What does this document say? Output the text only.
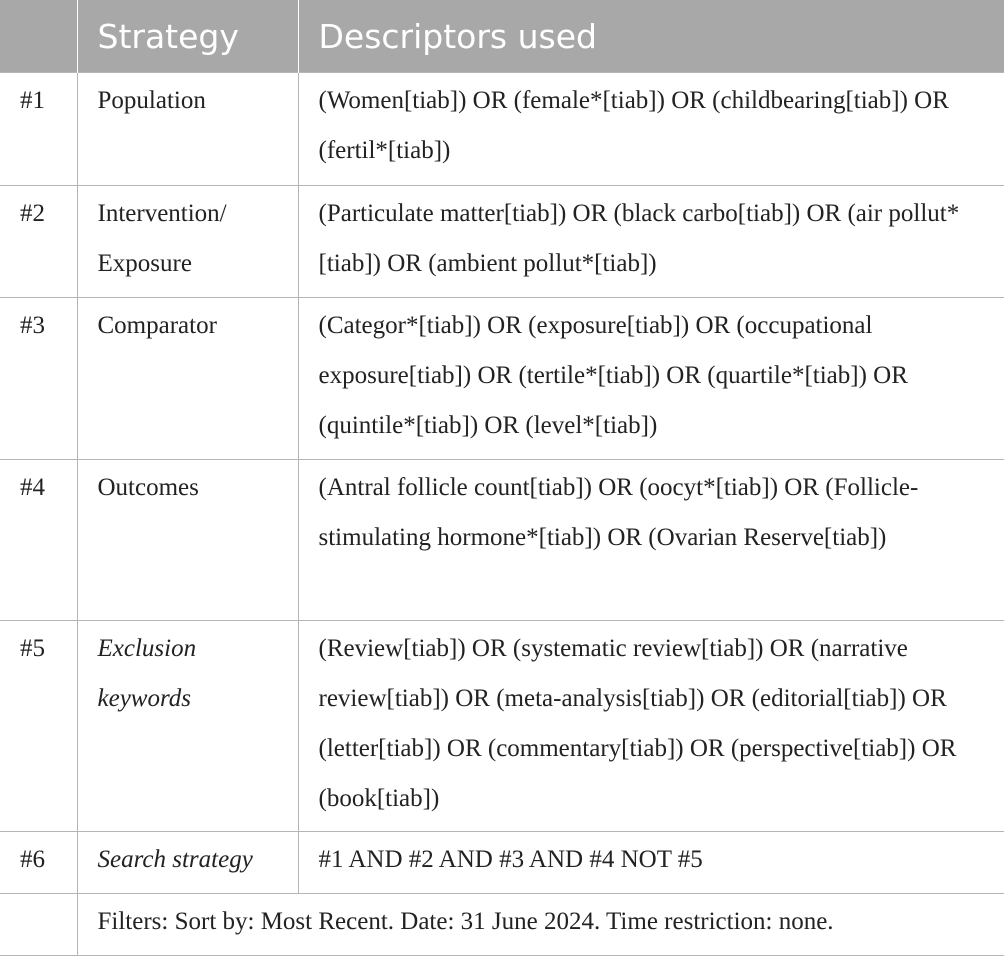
	Strategy	Descriptors used
#1	Population	(Women[tiab]) OR (female*[tiab]) OR (childbearing[tiab]) OR (fertil*[tiab])
#2	Intervention/ Exposure	(Particulate matter[tiab]) OR (black carbo[tiab]) OR (air pollut*[tiab]) OR (ambient pollut*[tiab])
#3	Comparator	(Categor*[tiab]) OR (exposure[tiab]) OR (occupational exposure[tiab]) OR (tertile*[tiab]) OR (quartile*[tiab]) OR (quintile*[tiab]) OR (level*[tiab])
#4	Outcomes	(Antral follicle count[tiab]) OR (oocyt*[tiab]) OR (Follicle-stimulating hormone*[tiab]) OR (Ovarian Reserve[tiab])
#5	Exclusion keywords	(Review[tiab]) OR (systematic review[tiab]) OR (narrative review[tiab]) OR (meta-analysis[tiab]) OR (editorial[tiab]) OR (letter[tiab]) OR (commentary[tiab]) OR (perspective[tiab]) OR (book[tiab])
#6	Search strategy	#1 AND #2 AND #3 AND #4 NOT #5
	Filters: Sort by: Most Recent. Date: 31 June 2024. Time restriction: none.	
